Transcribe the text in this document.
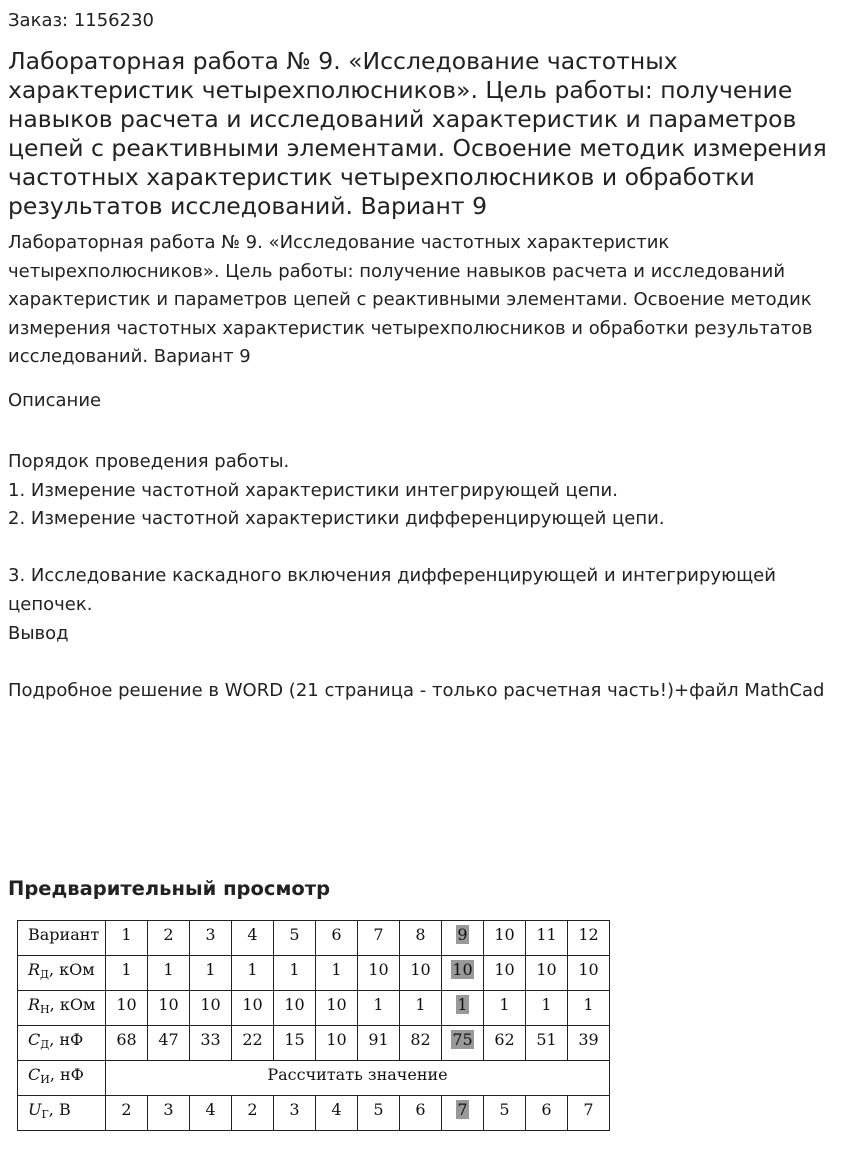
Заказ: 1156230
Лабораторная работа № 9. «Исследование частотных характеристик четырехполюсников». Цель работы: получение навыков расчета и исследований характеристик и параметров цепей с реактивными элементами. Освоение методик измерения частотных характеристик четырехполюсников и обработки результатов исследований. Вариант 9
Лабораторная работа № 9. «Исследование частотных характеристик четырехполюсников». Цель работы: получение навыков расчета и исследований характеристик и параметров цепей с реактивными элементами. Освоение методик измерения частотных характеристик четырехполюсников и обработки результатов исследований. Вариант 9
Описание
Порядок проведения работы.
1. Измерение частотной характеристики интегрирующей цепи.
2. Измерение частотной характеристики дифференцирующей цепи.
3. Исследование каскадного включения дифференцирующей и интегрирующей цепочек.
Вывод
Подробное решение в WORD (21 страница - только расчетная часть!)+файл MathCad
Предварительный просмотр
Вариант	1	2	3	4	5	6	7	8	9	10	11	12
$R_Д$, кОм	1	1	1	1	1	1	10	10	10	10	10	10
$R_Н$, кОм	10	10	10	10	10	10	1	1	1	1	1	1
$C_Д$, нФ	68	47	33	22	15	10	91	82	75	62	51	39
$C_И$, нФ	Рассчитать значение											
$U_Г$, В	2	3	4	2	3	4	5	6	7	5	6	7
